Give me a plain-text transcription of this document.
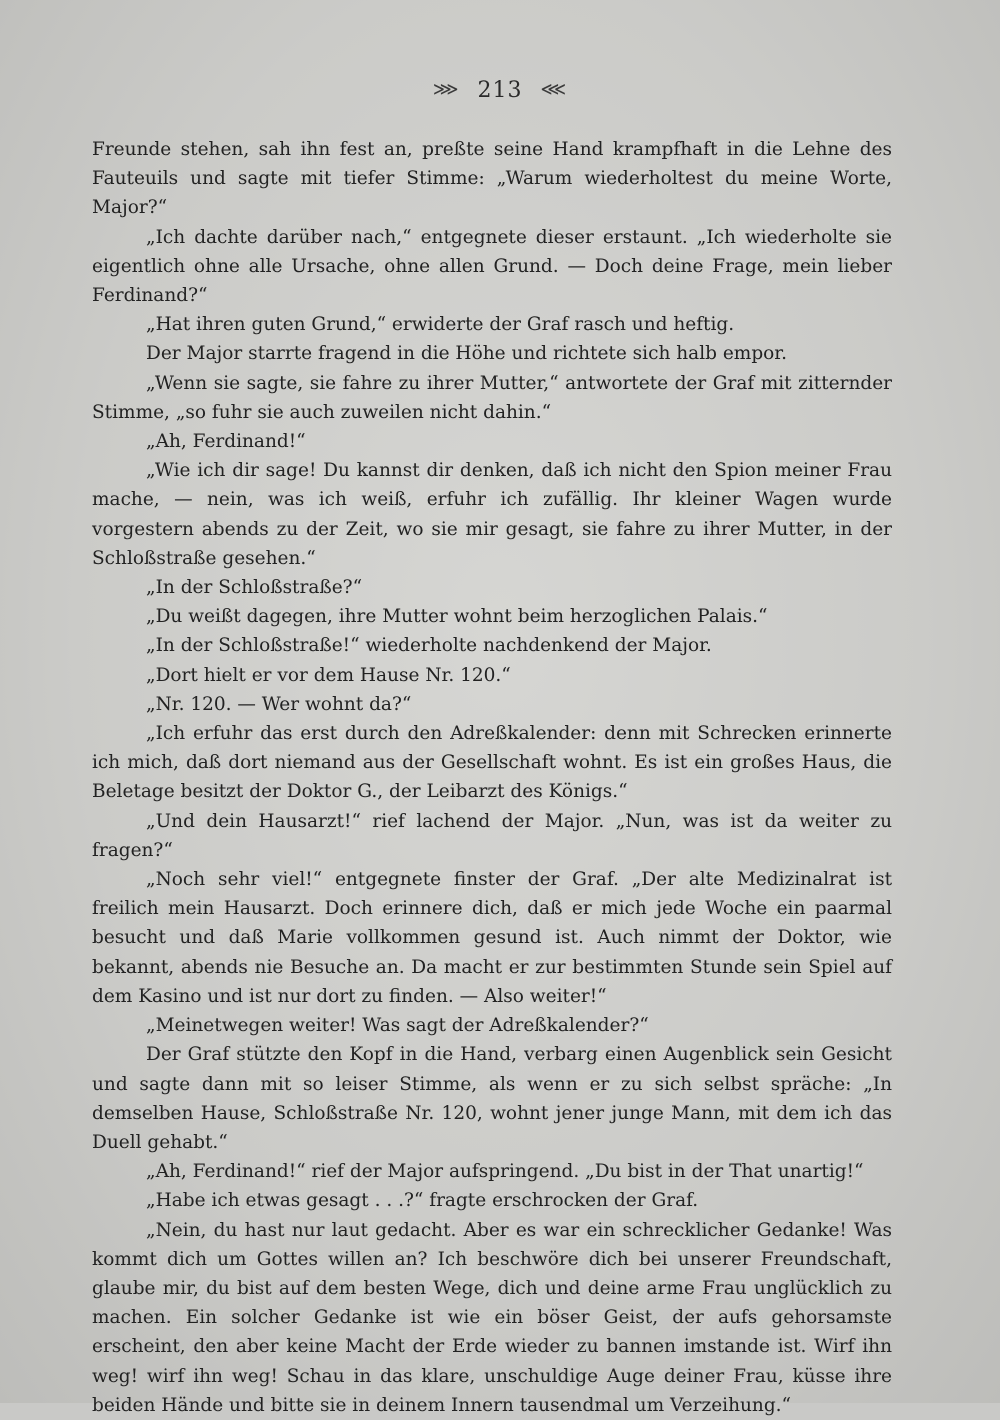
⋙ 213 ⋘

Freunde stehen, sah ihn fest an, preßte seine Hand krampfhaft in die Lehne des Fauteuils und sagte mit tiefer Stimme: „Warum wiederholtest du meine Worte, Major?“

„Ich dachte darüber nach,“ entgegnete dieser erstaunt. „Ich wiederholte sie eigentlich ohne alle Ursache, ohne allen Grund. — Doch deine Frage, mein lieber Ferdinand?“

„Hat ihren guten Grund,“ erwiderte der Graf rasch und heftig.

Der Major starrte fragend in die Höhe und richtete sich halb empor.

„Wenn sie sagte, sie fahre zu ihrer Mutter,“ antwortete der Graf mit zitternder Stimme, „so fuhr sie auch zuweilen nicht dahin.“

„Ah, Ferdinand!“

„Wie ich dir sage! Du kannst dir denken, daß ich nicht den Spion meiner Frau mache, — nein, was ich weiß, erfuhr ich zufällig. Ihr kleiner Wagen wurde vorgestern abends zu der Zeit, wo sie mir gesagt, sie fahre zu ihrer Mutter, in der Schloßstraße gesehen.“

„In der Schloßstraße?“

„Du weißt dagegen, ihre Mutter wohnt beim herzoglichen Palais.“

„In der Schloßstraße!“ wiederholte nachdenkend der Major.

„Dort hielt er vor dem Hause Nr. 120.“

„Nr. 120. — Wer wohnt da?“

„Ich erfuhr das erst durch den Adreßkalender: denn mit Schrecken erinnerte ich mich, daß dort niemand aus der Gesellschaft wohnt. Es ist ein großes Haus, die Beletage besitzt der Doktor G., der Leibarzt des Königs.“

„Und dein Hausarzt!“ rief lachend der Major. „Nun, was ist da weiter zu fragen?“

„Noch sehr viel!“ entgegnete finster der Graf. „Der alte Medizinalrat ist freilich mein Hausarzt. Doch erinnere dich, daß er mich jede Woche ein paarmal besucht und daß Marie vollkommen gesund ist. Auch nimmt der Doktor, wie bekannt, abends nie Besuche an. Da macht er zur bestimmten Stunde sein Spiel auf dem Kasino und ist nur dort zu finden. — Also weiter!“

„Meinetwegen weiter! Was sagt der Adreßkalender?“

Der Graf stützte den Kopf in die Hand, verbarg einen Augenblick sein Gesicht und sagte dann mit so leiser Stimme, als wenn er zu sich selbst spräche: „In demselben Hause, Schloßstraße Nr. 120, wohnt jener junge Mann, mit dem ich das Duell gehabt.“

„Ah, Ferdinand!“ rief der Major aufspringend. „Du bist in der That unartig!“

„Habe ich etwas gesagt . . .?“ fragte erschrocken der Graf.

„Nein, du hast nur laut gedacht. Aber es war ein schrecklicher Gedanke! Was kommt dich um Gottes willen an? Ich beschwöre dich bei unserer Freundschaft, glaube mir, du bist auf dem besten Wege, dich und deine arme Frau unglücklich zu machen. Ein solcher Gedanke ist wie ein böser Geist, der aufs gehorsamste erscheint, den aber keine Macht der Erde wieder zu bannen imstande ist. Wirf ihn weg! wirf ihn weg! Schau in das klare, unschuldige Auge deiner Frau, küsse ihre beiden Hände und bitte sie in deinem Innern tausendmal um Verzeihung.“
